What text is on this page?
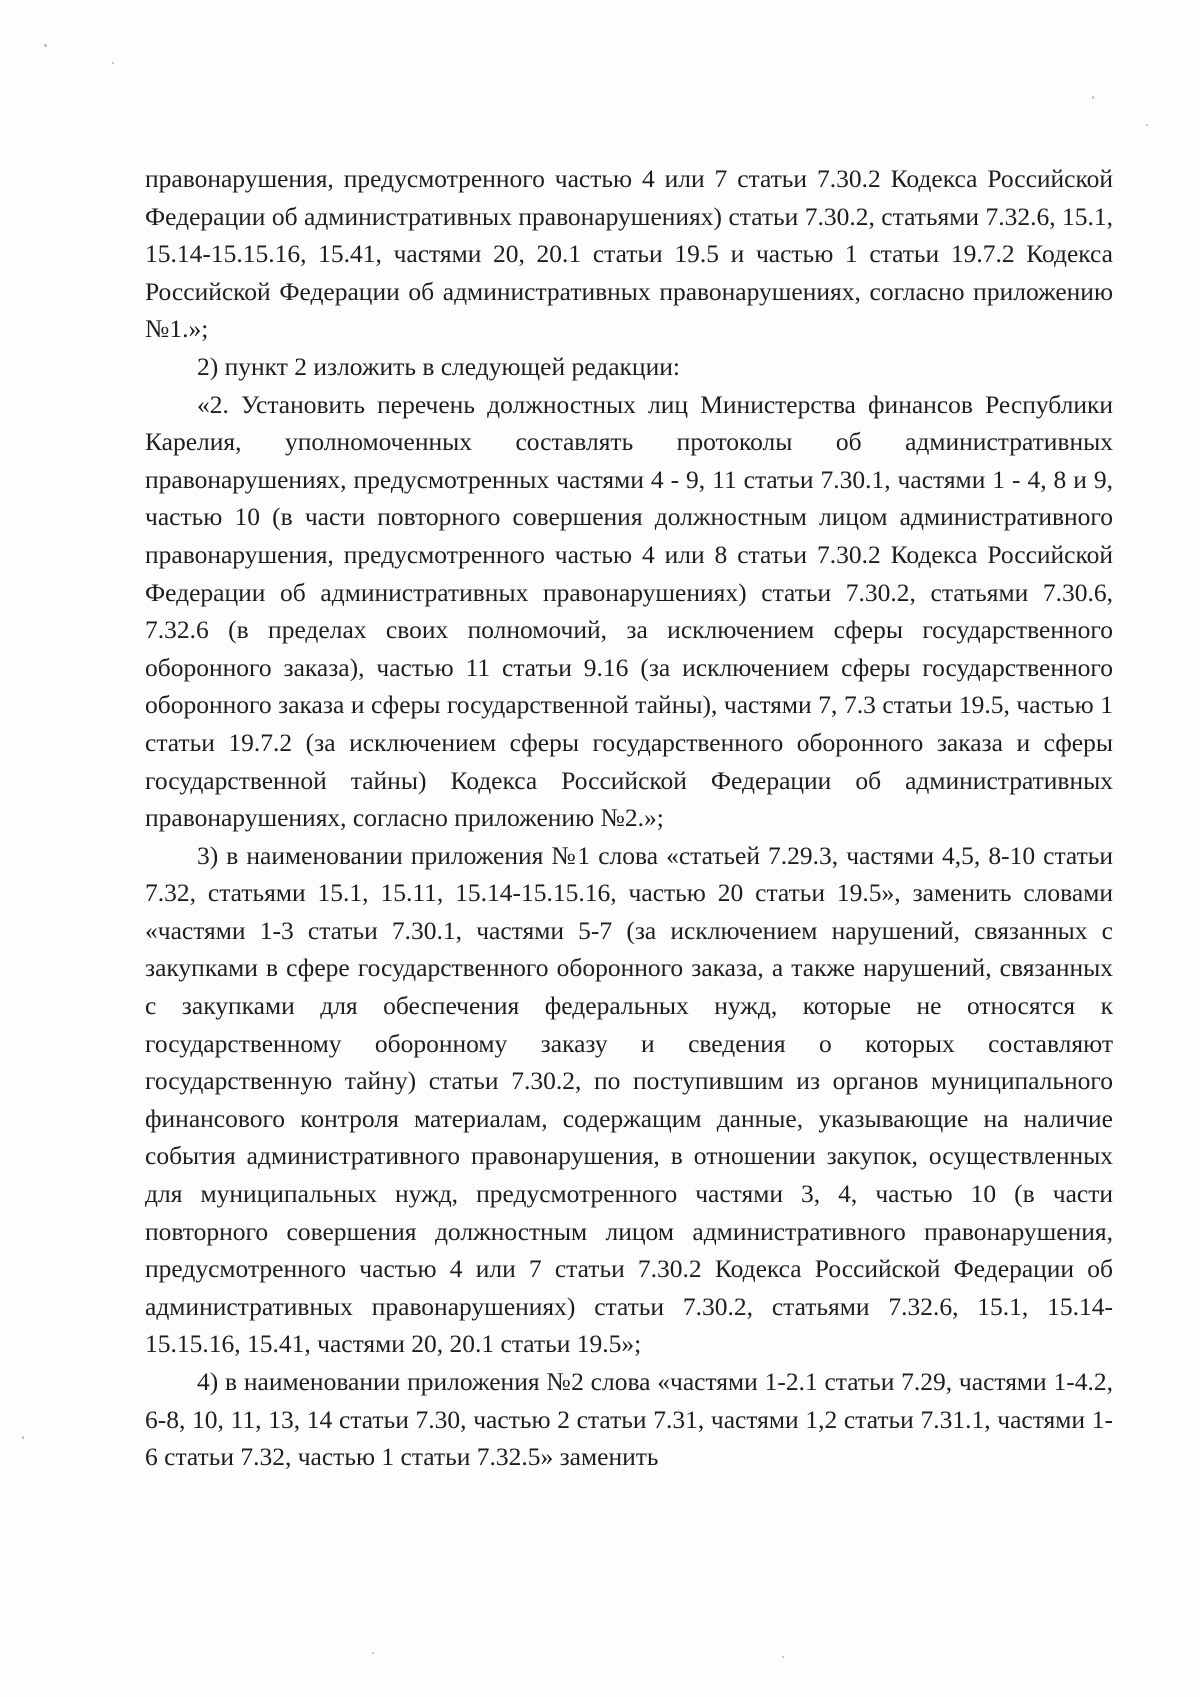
правонарушения, предусмотренного частью 4 или 7 статьи 7.30.2 Кодекса Российской Федерации об административных правонарушениях) статьи 7.30.2, статьями 7.32.6, 15.1, 15.14-15.15.16, 15.41, частями 20, 20.1 статьи 19.5 и частью 1 статьи 19.7.2 Кодекса Российской Федерации об административных правонарушениях, согласно приложению №1.»;

2) пункт 2 изложить в следующей редакции:

«2. Установить перечень должностных лиц Министерства финансов Республики Карелия, уполномоченных составлять протоколы об административных правонарушениях, предусмотренных частями 4 - 9, 11 статьи 7.30.1, частями 1 - 4, 8 и 9, частью 10 (в части повторного совершения должностным лицом административного правонарушения, предусмотренного частью 4 или 8 статьи 7.30.2 Кодекса Российской Федерации об административных правонарушениях) статьи 7.30.2, статьями 7.30.6, 7.32.6 (в пределах своих полномочий, за исключением сферы государственного оборонного заказа), частью 11 статьи 9.16 (за исключением сферы государственного оборонного заказа и сферы государственной тайны), частями 7, 7.3 статьи 19.5, частью 1 статьи 19.7.2 (за исключением сферы государственного оборонного заказа и сферы государственной тайны) Кодекса Российской Федерации об административных правонарушениях, согласно приложению №2.»;

3) в наименовании приложения №1 слова «статьей 7.29.3, частями 4,5, 8-10 статьи 7.32, статьями 15.1, 15.11, 15.14-15.15.16, частью 20 статьи 19.5», заменить словами «частями 1-3 статьи 7.30.1, частями 5-7 (за исключением нарушений, связанных с закупками в сфере государственного оборонного заказа, а также нарушений, связанных с закупками для обеспечения федеральных нужд, которые не относятся к государственному оборонному заказу и сведения о которых составляют государственную тайну) статьи 7.30.2, по поступившим из органов муниципального финансового контроля материалам, содержащим данные, указывающие на наличие события административного правонарушения, в отношении закупок, осуществленных для муниципальных нужд, предусмотренного частями 3, 4, частью 10 (в части повторного совершения должностным лицом административного правонарушения, предусмотренного частью 4 или 7 статьи 7.30.2 Кодекса Российской Федерации об административных правонарушениях) статьи 7.30.2, статьями 7.32.6, 15.1, 15.14-15.15.16, 15.41, частями 20, 20.1 статьи 19.5»;

4) в наименовании приложения №2 слова «частями 1-2.1 статьи 7.29, частями 1-4.2, 6-8, 10, 11, 13, 14 статьи 7.30, частью 2 статьи 7.31, частями 1,2 статьи 7.31.1, частями 1-6 статьи 7.32, частью 1 статьи 7.32.5» заменить
